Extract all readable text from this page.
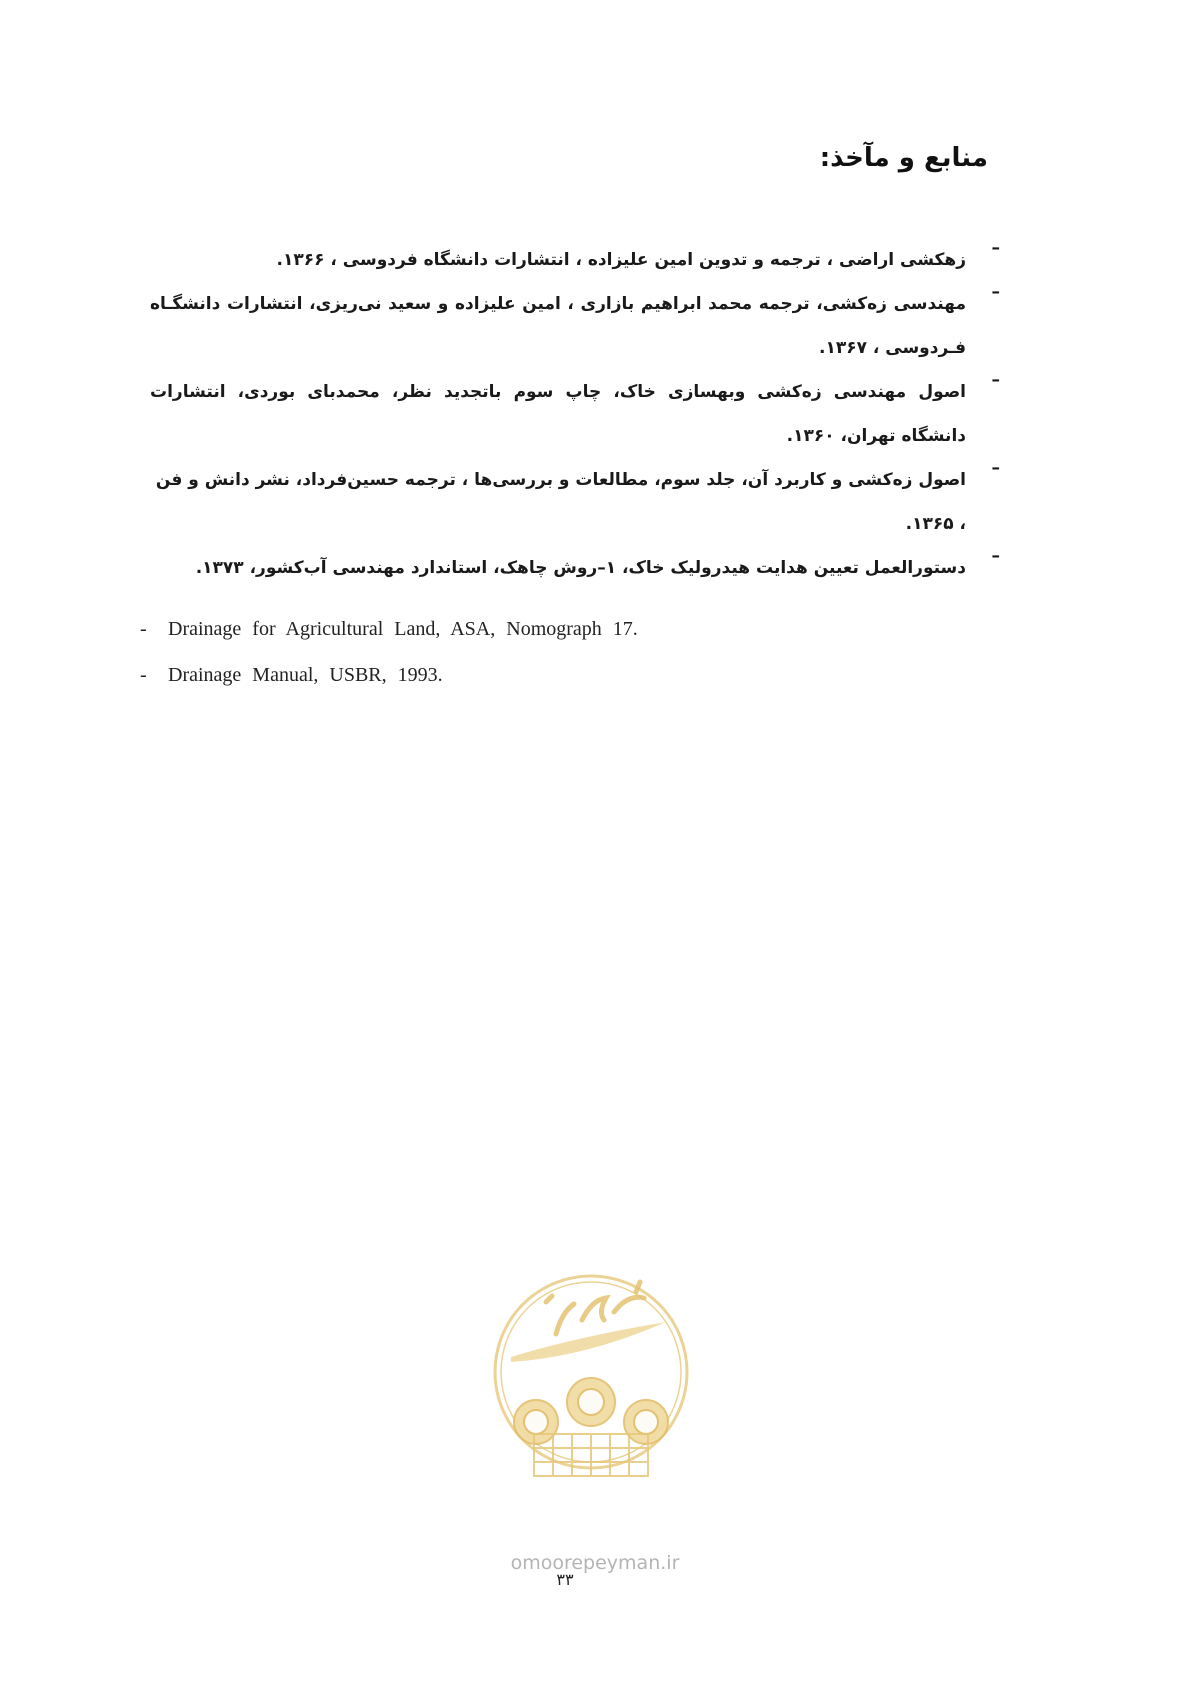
منابع و مآخذ:
–
زهکشی اراضی ، ترجمه و تدوین امین علیزاده ، انتشارات دانشگاه فردوسی ، ۱۳۶۶.
–
مهندسی زه‌کشی، ترجمه محمد ابراهیم بازاری ، امین علیزاده و سعید نی‌ریزی، انتشارات دانشگـاه فـردوسی ، ۱۳۶۷.
–
اصول مهندسی زه‌کشی وبهسازی خاک، چاپ سوم باتجدید نظر، محمدبای بوردی، انتشارات دانشگاه تهران، ۱۳۶۰.
–
اصول زه‌کشی و کاربرد آن، جلد سوم، مطالعات و بررسی‌ها ، ترجمه حسین‌فرداد، نشر دانش و فن ، ۱۳۶۵.
–
دستورالعمل تعیین هدایت هیدرولیک خاک، ۱–روش چاهک، استاندارد مهندسی آب‌کشور، ۱۳۷۳.
- Drainage for Agricultural Land, ASA, Nomograph 17.
- Drainage Manual, USBR, 1993.
omoorepeyman.ir
۳۳
